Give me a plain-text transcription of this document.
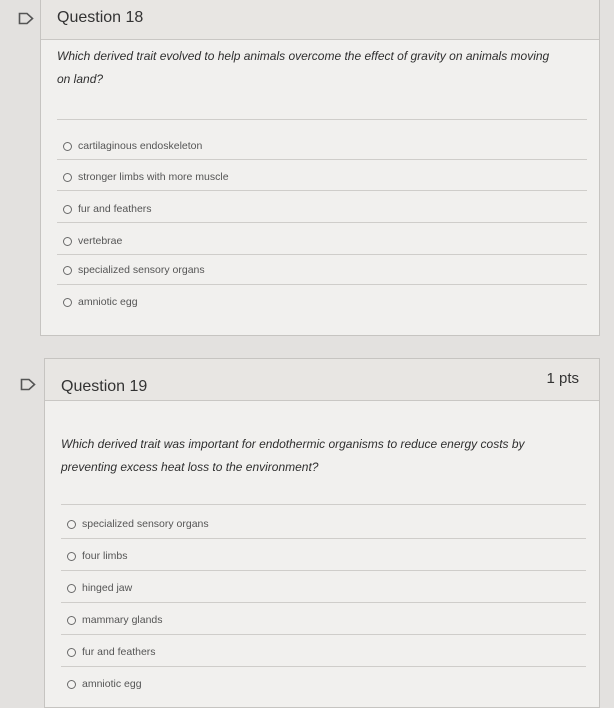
Question 18
Which derived trait evolved to help animals overcome the effect of gravity on animals moving
on land?
cartilaginous endoskeleton
stronger limbs with more muscle
fur and feathers
vertebrae
specialized sensory organs
amniotic egg
Question 19	1 pts
Which derived trait was important for endothermic organisms to reduce energy costs by
preventing excess heat loss to the environment?
specialized sensory organs
four limbs
hinged jaw
mammary glands
fur and feathers
amniotic egg
